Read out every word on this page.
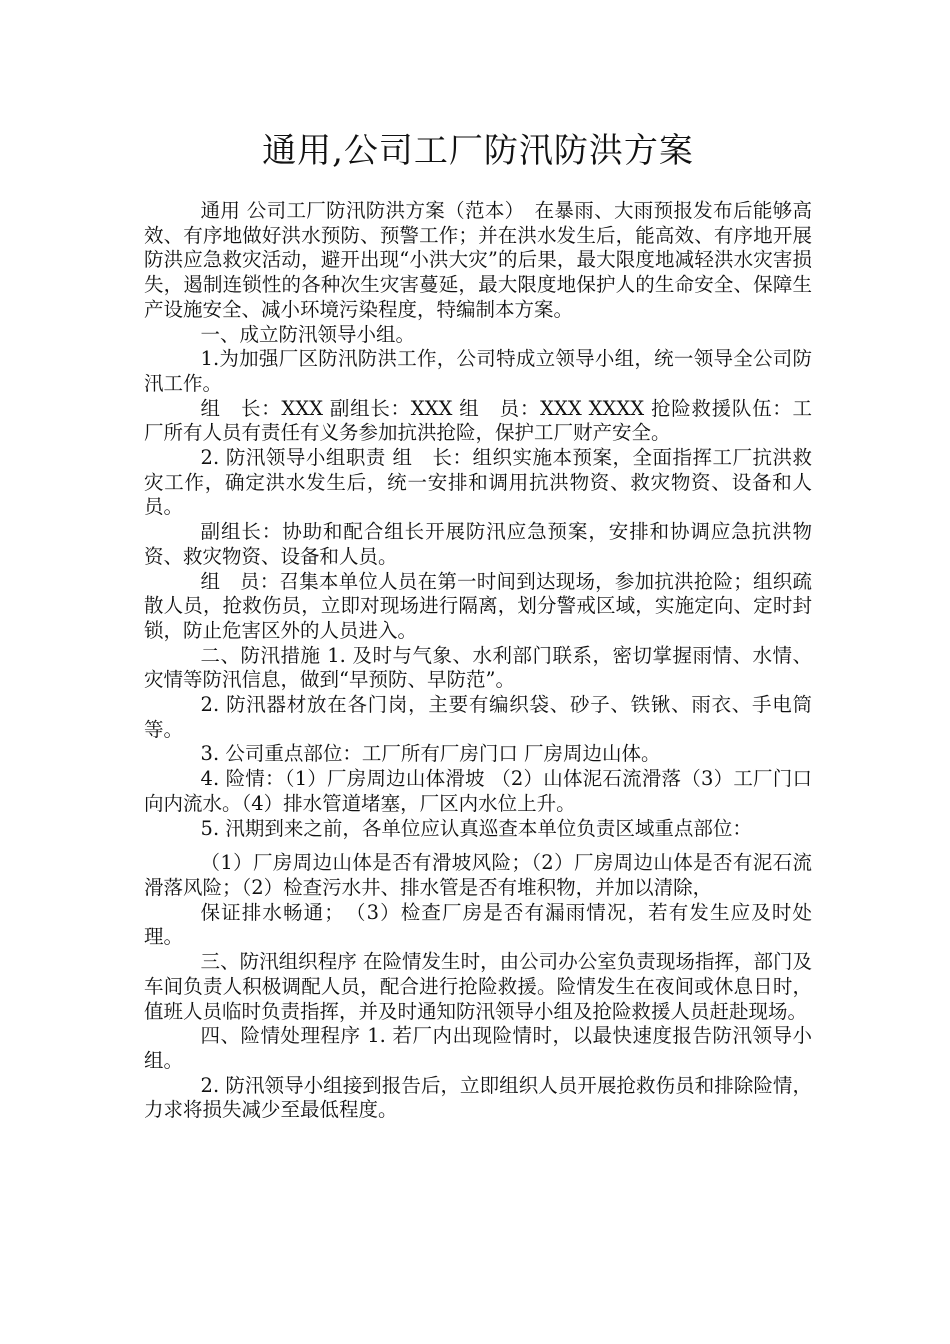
通用,公司工厂防汛防洪方案

通用 公司工厂防汛防洪方案（范本）　在暴雨、大雨预报发布后能够高效、有序地做好洪水预防、预警工作；并在洪水发生后，能高效、有序地开展防洪应急救灾活动，避开出现“小洪大灾”的后果，最大限度地减轻洪水灾害损失，遏制连锁性的各种次生灾害蔓延，最大限度地保护人的生命安全、保障生产设施安全、减小环境污染程度，特编制本方案。

一、成立防汛领导小组。

1.为加强厂区防汛防洪工作，公司特成立领导小组，统一领导全公司防汛工作。

组　长：XXX 副组长：XXX 组　员：XXX XXXX 抢险救援队伍：工厂所有人员有责任有义务参加抗洪抢险，保护工厂财产安全。

2. 防汛领导小组职责 组　长：组织实施本预案，全面指挥工厂抗洪救灾工作，确定洪水发生后，统一安排和调用抗洪物资、救灾物资、设备和人员。

副组长：协助和配合组长开展防汛应急预案，安排和协调应急抗洪物资、救灾物资、设备和人员。

组　员：召集本单位人员在第一时间到达现场，参加抗洪抢险；组织疏散人员，抢救伤员，立即对现场进行隔离，划分警戒区域，实施定向、定时封锁，防止危害区外的人员进入。

二、防汛措施 1. 及时与气象、水利部门联系，密切掌握雨情、水情、灾情等防汛信息，做到“早预防、早防范”。

2. 防汛器材放在各门岗，主要有编织袋、砂子、铁锹、雨衣、手电筒等。

3. 公司重点部位：工厂所有厂房门口 厂房周边山体。

4. 险情：（1）厂房周边山体滑坡 （2）山体泥石流滑落（3）工厂门口向内流水。（4）排水管道堵塞，厂区内水位上升。

5. 汛期到来之前，各单位应认真巡查本单位负责区域重点部位：

（1）厂房周边山体是否有滑坡风险；（2）厂房周边山体是否有泥石流滑落风险；（2）检查污水井、排水管是否有堆积物，并加以清除，

保证排水畅通；　（3）检查厂房是否有漏雨情况，若有发生应及时处理。

三、防汛组织程序 在险情发生时，由公司办公室负责现场指挥，部门及车间负责人积极调配人员，配合进行抢险救援。险情发生在夜间或休息日时，值班人员临时负责指挥，并及时通知防汛领导小组及抢险救援人员赶赴现场。

四、险情处理程序 1. 若厂内出现险情时，以最快速度报告防汛领导小组。

2. 防汛领导小组接到报告后，立即组织人员开展抢救伤员和排除险情，力求将损失减少至最低程度。
